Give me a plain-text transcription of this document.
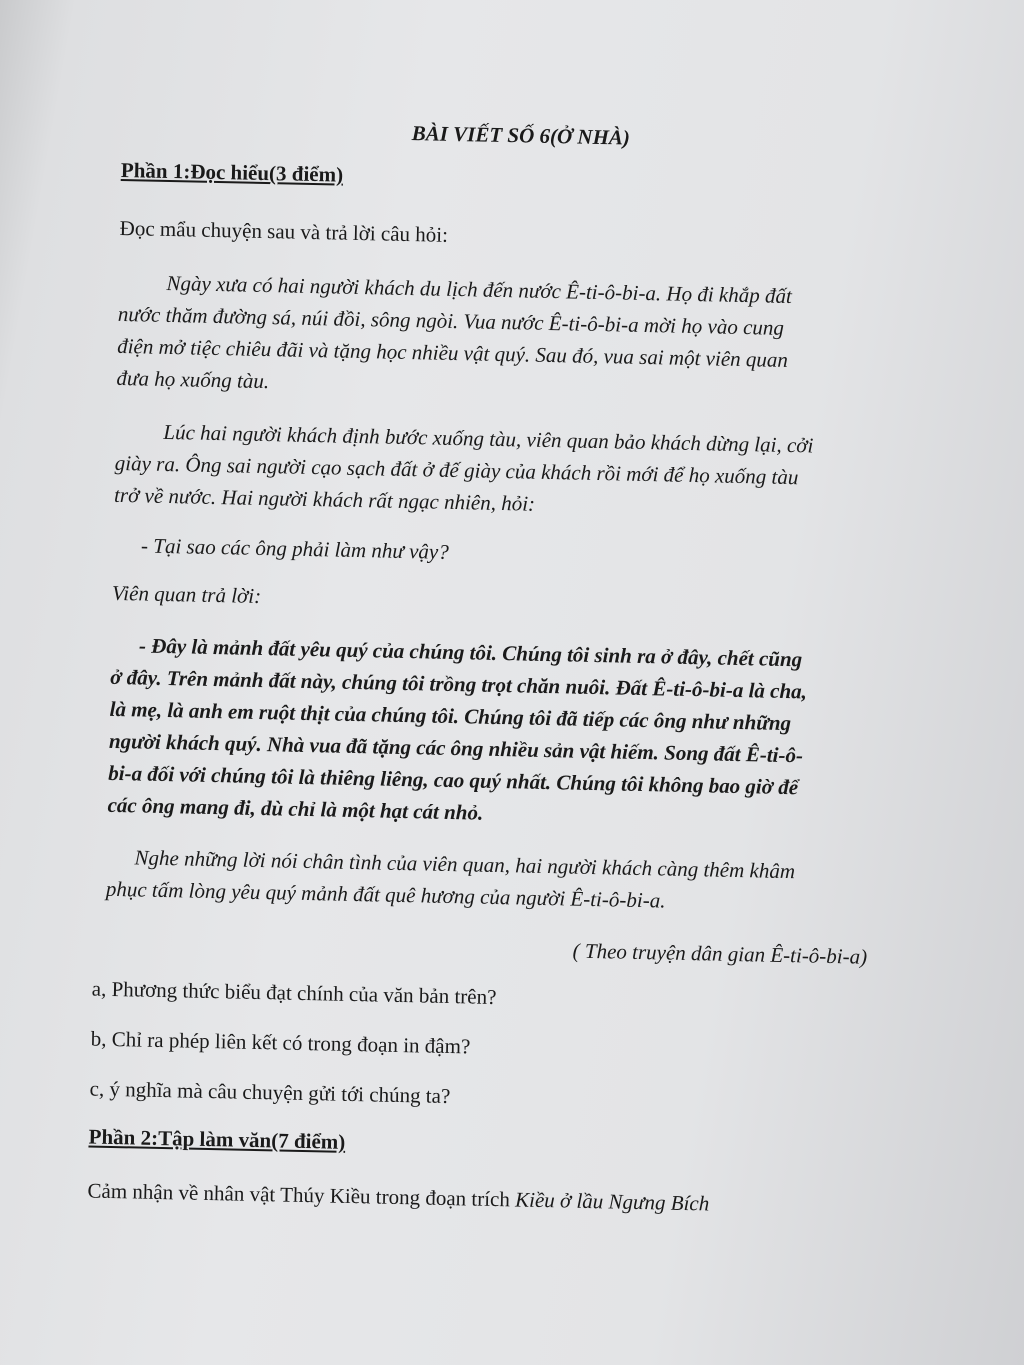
BÀI VIẾT SỐ 6(Ở NHÀ)
Phần 1:Đọc hiểu(3 điểm)
Đọc mẩu chuyện sau và trả lời câu hỏi:
Ngày xưa có hai người khách du lịch đến nước Ê-ti-ô-bi-a. Họ đi khắp đất
nước thăm đường sá, núi đồi, sông ngòi. Vua nước Ê-ti-ô-bi-a mời họ vào cung
điện mở tiệc chiêu đãi và tặng học nhiều vật quý. Sau đó, vua sai một viên quan
đưa họ xuống tàu.
Lúc hai người khách định bước xuống tàu, viên quan bảo khách dừng lại, cởi
giày ra. Ông sai người cạo sạch đất ở đế giày của khách rồi mới để họ xuống tàu
trở về nước. Hai người khách rất ngạc nhiên, hỏi:
- Tại sao các ông phải làm như vậy?
Viên quan trả lời:
- Đây là mảnh đất yêu quý của chúng tôi. Chúng tôi sinh ra ở đây, chết cũng
ở đây. Trên mảnh đất này, chúng tôi trồng trọt chăn nuôi. Đất Ê-ti-ô-bi-a là cha,
là mẹ, là anh em ruột thịt của chúng tôi. Chúng tôi đã tiếp các ông như những
người khách quý. Nhà vua đã tặng các ông nhiều sản vật hiếm. Song đất Ê-ti-ô-
bi-a đối với chúng tôi là thiêng liêng, cao quý nhất. Chúng tôi không bao giờ để
các ông mang đi, dù chỉ là một hạt cát nhỏ.
Nghe những lời nói chân tình của viên quan, hai người khách càng thêm khâm
phục tấm lòng yêu quý mảnh đất quê hương của người Ê-ti-ô-bi-a.
( Theo truyện dân gian Ê-ti-ô-bi-a)
a, Phương thức biểu đạt chính của văn bản trên?
b, Chỉ ra phép liên kết có trong đoạn in đậm?
c, ý nghĩa mà câu chuyện gửi tới chúng ta?
Phần 2:Tập làm văn(7 điểm)
Cảm nhận về nhân vật Thúy Kiều trong đoạn trích Kiều ở lầu Ngưng Bích
